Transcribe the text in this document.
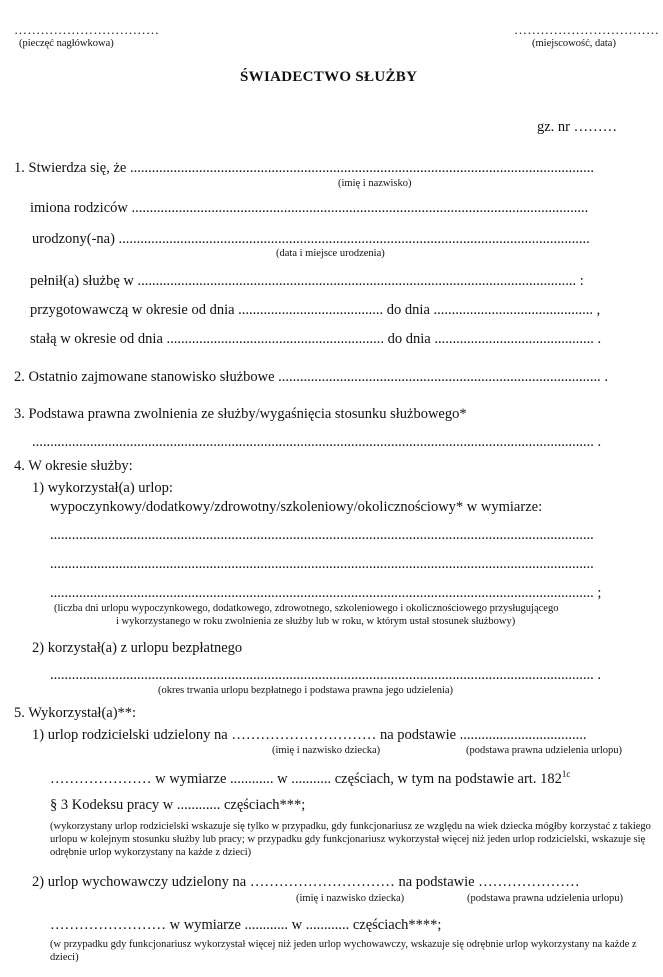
……………………………
(pieczęć nagłówkowa)
……………………………
(miejscowość, data)
ŚWIADECTWO SŁUŻBY
gz. nr ………
1. Stwierdza się, że ................................................................................................................................
(imię i nazwisko)
imiona rodziców ..............................................................................................................................
urodzony(-na) ..................................................................................................................................
(data i miejsce urodzenia)
pełnił(a) służbę w ......................................................................................................................... :
przygotowawczą w okresie od dnia ........................................ do dnia ............................................ ,
stałą w okresie od dnia ............................................................ do dnia ............................................ .
2. Ostatnio zajmowane stanowisko służbowe ......................................................................................... .
3. Podstawa prawna zwolnienia ze służby/wygaśnięcia stosunku służbowego*
........................................................................................................................................................... .
4. W okresie służby:
1) wykorzystał(a) urlop:
wypoczynkowy/dodatkowy/zdrowotny/szkoleniowy/okolicznościowy* w wymiarze:
......................................................................................................................................................
......................................................................................................................................................
...................................................................................................................................................... ;
(liczba dni urlopu wypoczynkowego, dodatkowego, zdrowotnego, szkoleniowego i okolicznościowego przysługującego
i wykorzystanego w roku zwolnienia ze służby lub w roku, w którym ustał stosunek służbowy)
2) korzystał(a) z urlopu bezpłatnego
...................................................................................................................................................... .
(okres trwania urlopu bezpłatnego i podstawa prawna jego udzielenia)
5. Wykorzystał(a)**:
1) urlop rodzicielski udzielony na ………………………… na podstawie ...................................
(imię i nazwisko dziecka)	(podstawa prawna udzielenia urlopu)
………………… w wymiarze ............ w ........... częściach, w tym na podstawie art. $182^{1c}$
§ 3 Kodeksu pracy w ............ częściach***;
(wykorzystany urlop rodzicielski wskazuje się tylko w przypadku, gdy funkcjonariusz ze względu na wiek dziecka mógłby korzystać z takiego urlopu w kolejnym stosunku służby lub pracy; w przypadku gdy funkcjonariusz wykorzystał więcej niż jeden urlop rodzicielski, wskazuje się odrębnie urlop wykorzystany na każde z dzieci)
2) urlop wychowawczy udzielony na ………………………… na podstawie …………………
(imię i nazwisko dziecka)	(podstawa prawna udzielenia urlopu)
…………………… w wymiarze ............ w ............ częściach****;
(w przypadku gdy funkcjonariusz wykorzystał więcej niż jeden urlop wychowawczy, wskazuje się odrębnie urlop wykorzystany na każde z dzieci)
